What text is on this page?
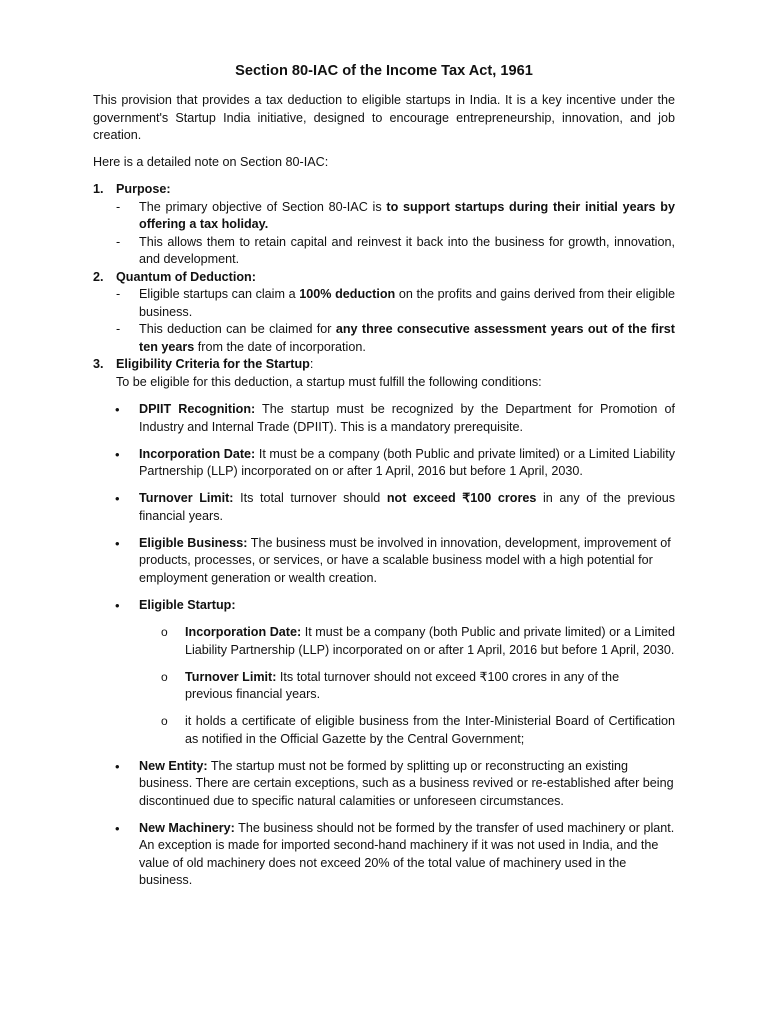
Section 80-IAC of the Income Tax Act, 1961

This provision that provides a tax deduction to eligible startups in India. It is a key incentive under the government's Startup India initiative, designed to encourage entrepreneurship, innovation, and job creation.

Here is a detailed note on Section 80-IAC:

1. Purpose:
- The primary objective of Section 80-IAC is to support startups during their initial years by offering a tax holiday.
- This allows them to retain capital and reinvest it back into the business for growth, innovation, and development.
2. Quantum of Deduction:
- Eligible startups can claim a 100% deduction on the profits and gains derived from their eligible business.
- This deduction can be claimed for any three consecutive assessment years out of the first ten years from the date of incorporation.
3. Eligibility Criteria for the Startup:
To be eligible for this deduction, a startup must fulfill the following conditions:
• DPIIT Recognition: The startup must be recognized by the Department for Promotion of Industry and Internal Trade (DPIIT). This is a mandatory prerequisite.
• Incorporation Date: It must be a company (both Public and private limited) or a Limited Liability Partnership (LLP) incorporated on or after 1 April, 2016 but before 1 April, 2030.
• Turnover Limit: Its total turnover should not exceed ₹100 crores in any of the previous financial years.
• Eligible Business: The business must be involved in innovation, development, improvement of products, processes, or services, or have a scalable business model with a high potential for employment generation or wealth creation.
• Eligible Startup:
o Incorporation Date: It must be a company (both Public and private limited) or a Limited Liability Partnership (LLP) incorporated on or after 1 April, 2016 but before 1 April, 2030.
o Turnover Limit: Its total turnover should not exceed ₹100 crores in any of the previous financial years.
o it holds a certificate of eligible business from the Inter-Ministerial Board of Certification as notified in the Official Gazette by the Central Government;
• New Entity: The startup must not be formed by splitting up or reconstructing an existing business. There are certain exceptions, such as a business revived or re-established after being discontinued due to specific natural calamities or unforeseen circumstances.
• New Machinery: The business should not be formed by the transfer of used machinery or plant. An exception is made for imported second-hand machinery if it was not used in India, and the value of old machinery does not exceed 20% of the total value of machinery used in the business.
